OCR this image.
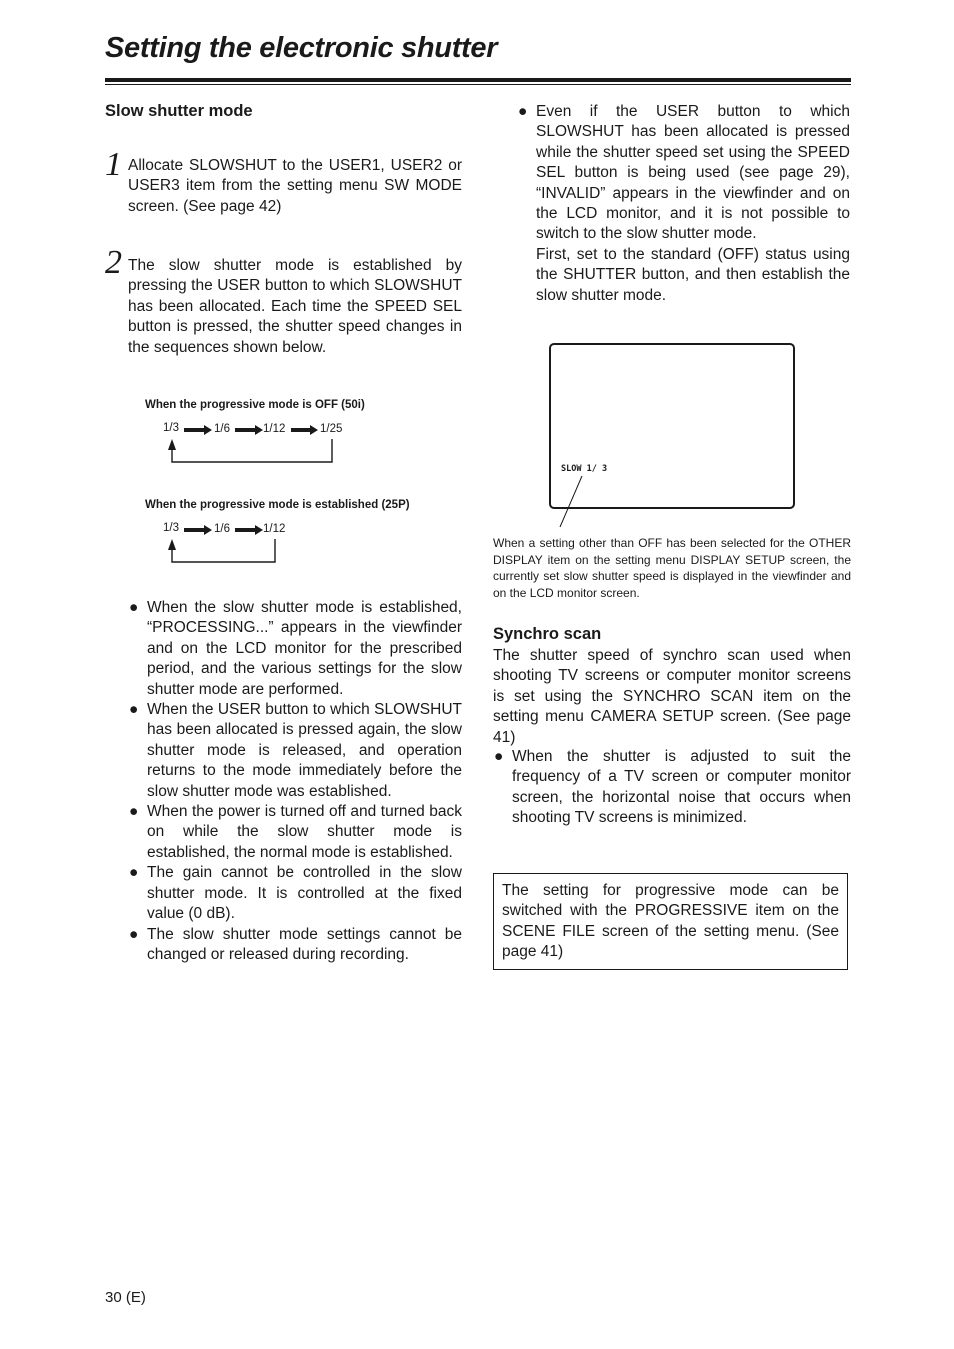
Setting the electronic shutter
Slow shutter mode
1 Allocate SLOWSHUT to the USER1, USER2 or USER3 item from the setting menu SW MODE screen. (See page 42)
2 The slow shutter mode is established by pressing the USER button to which SLOWSHUT has been allocated. Each time the SPEED SEL button is pressed, the shutter speed changes in the sequences shown below.
When the progressive mode is OFF (50i)
1/3	1/6	1/12	1/25
When the progressive mode is established (25P)
1/3	1/6	1/12
● When the slow shutter mode is established, “PROCESSING...” appears in the viewfinder and on the LCD monitor for the prescribed period, and the various settings for the slow shutter mode are performed.
● When the USER button to which SLOWSHUT has been allocated is pressed again, the slow shutter mode is released, and operation returns to the mode immediately before the slow shutter mode was established.
● When the power is turned off and turned back on while the slow shutter mode is established, the normal mode is established.
● The gain cannot be controlled in the slow shutter mode. It is controlled at the fixed value (0 dB).
● The slow shutter mode settings cannot be changed or released during recording.
● Even if the USER button to which SLOWSHUT has been allocated is pressed while the shutter speed set using the SPEED SEL button is being used (see page 29), “INVALID” appears in the viewfinder and on the LCD monitor, and it is not possible to switch to the slow shutter mode.
First, set to the standard (OFF) status using the SHUTTER button, and then establish the slow shutter mode.
SLOW 1/ 3
When a setting other than OFF has been selected for the OTHER DISPLAY item on the setting menu DISPLAY SETUP screen, the currently set slow shutter speed is displayed in the viewfinder and on the LCD monitor screen.
Synchro scan
The shutter speed of synchro scan used when shooting TV screens or computer monitor screens is set using the SYNCHRO SCAN item on the setting menu CAMERA SETUP screen. (See page 41)
● When the shutter is adjusted to suit the frequency of a TV screen or computer monitor screen, the horizontal noise that occurs when shooting TV screens is minimized.
The setting for progressive mode can be switched with the PROGRESSIVE item on the SCENE FILE screen of the setting menu. (See page 41)
30 (E)
